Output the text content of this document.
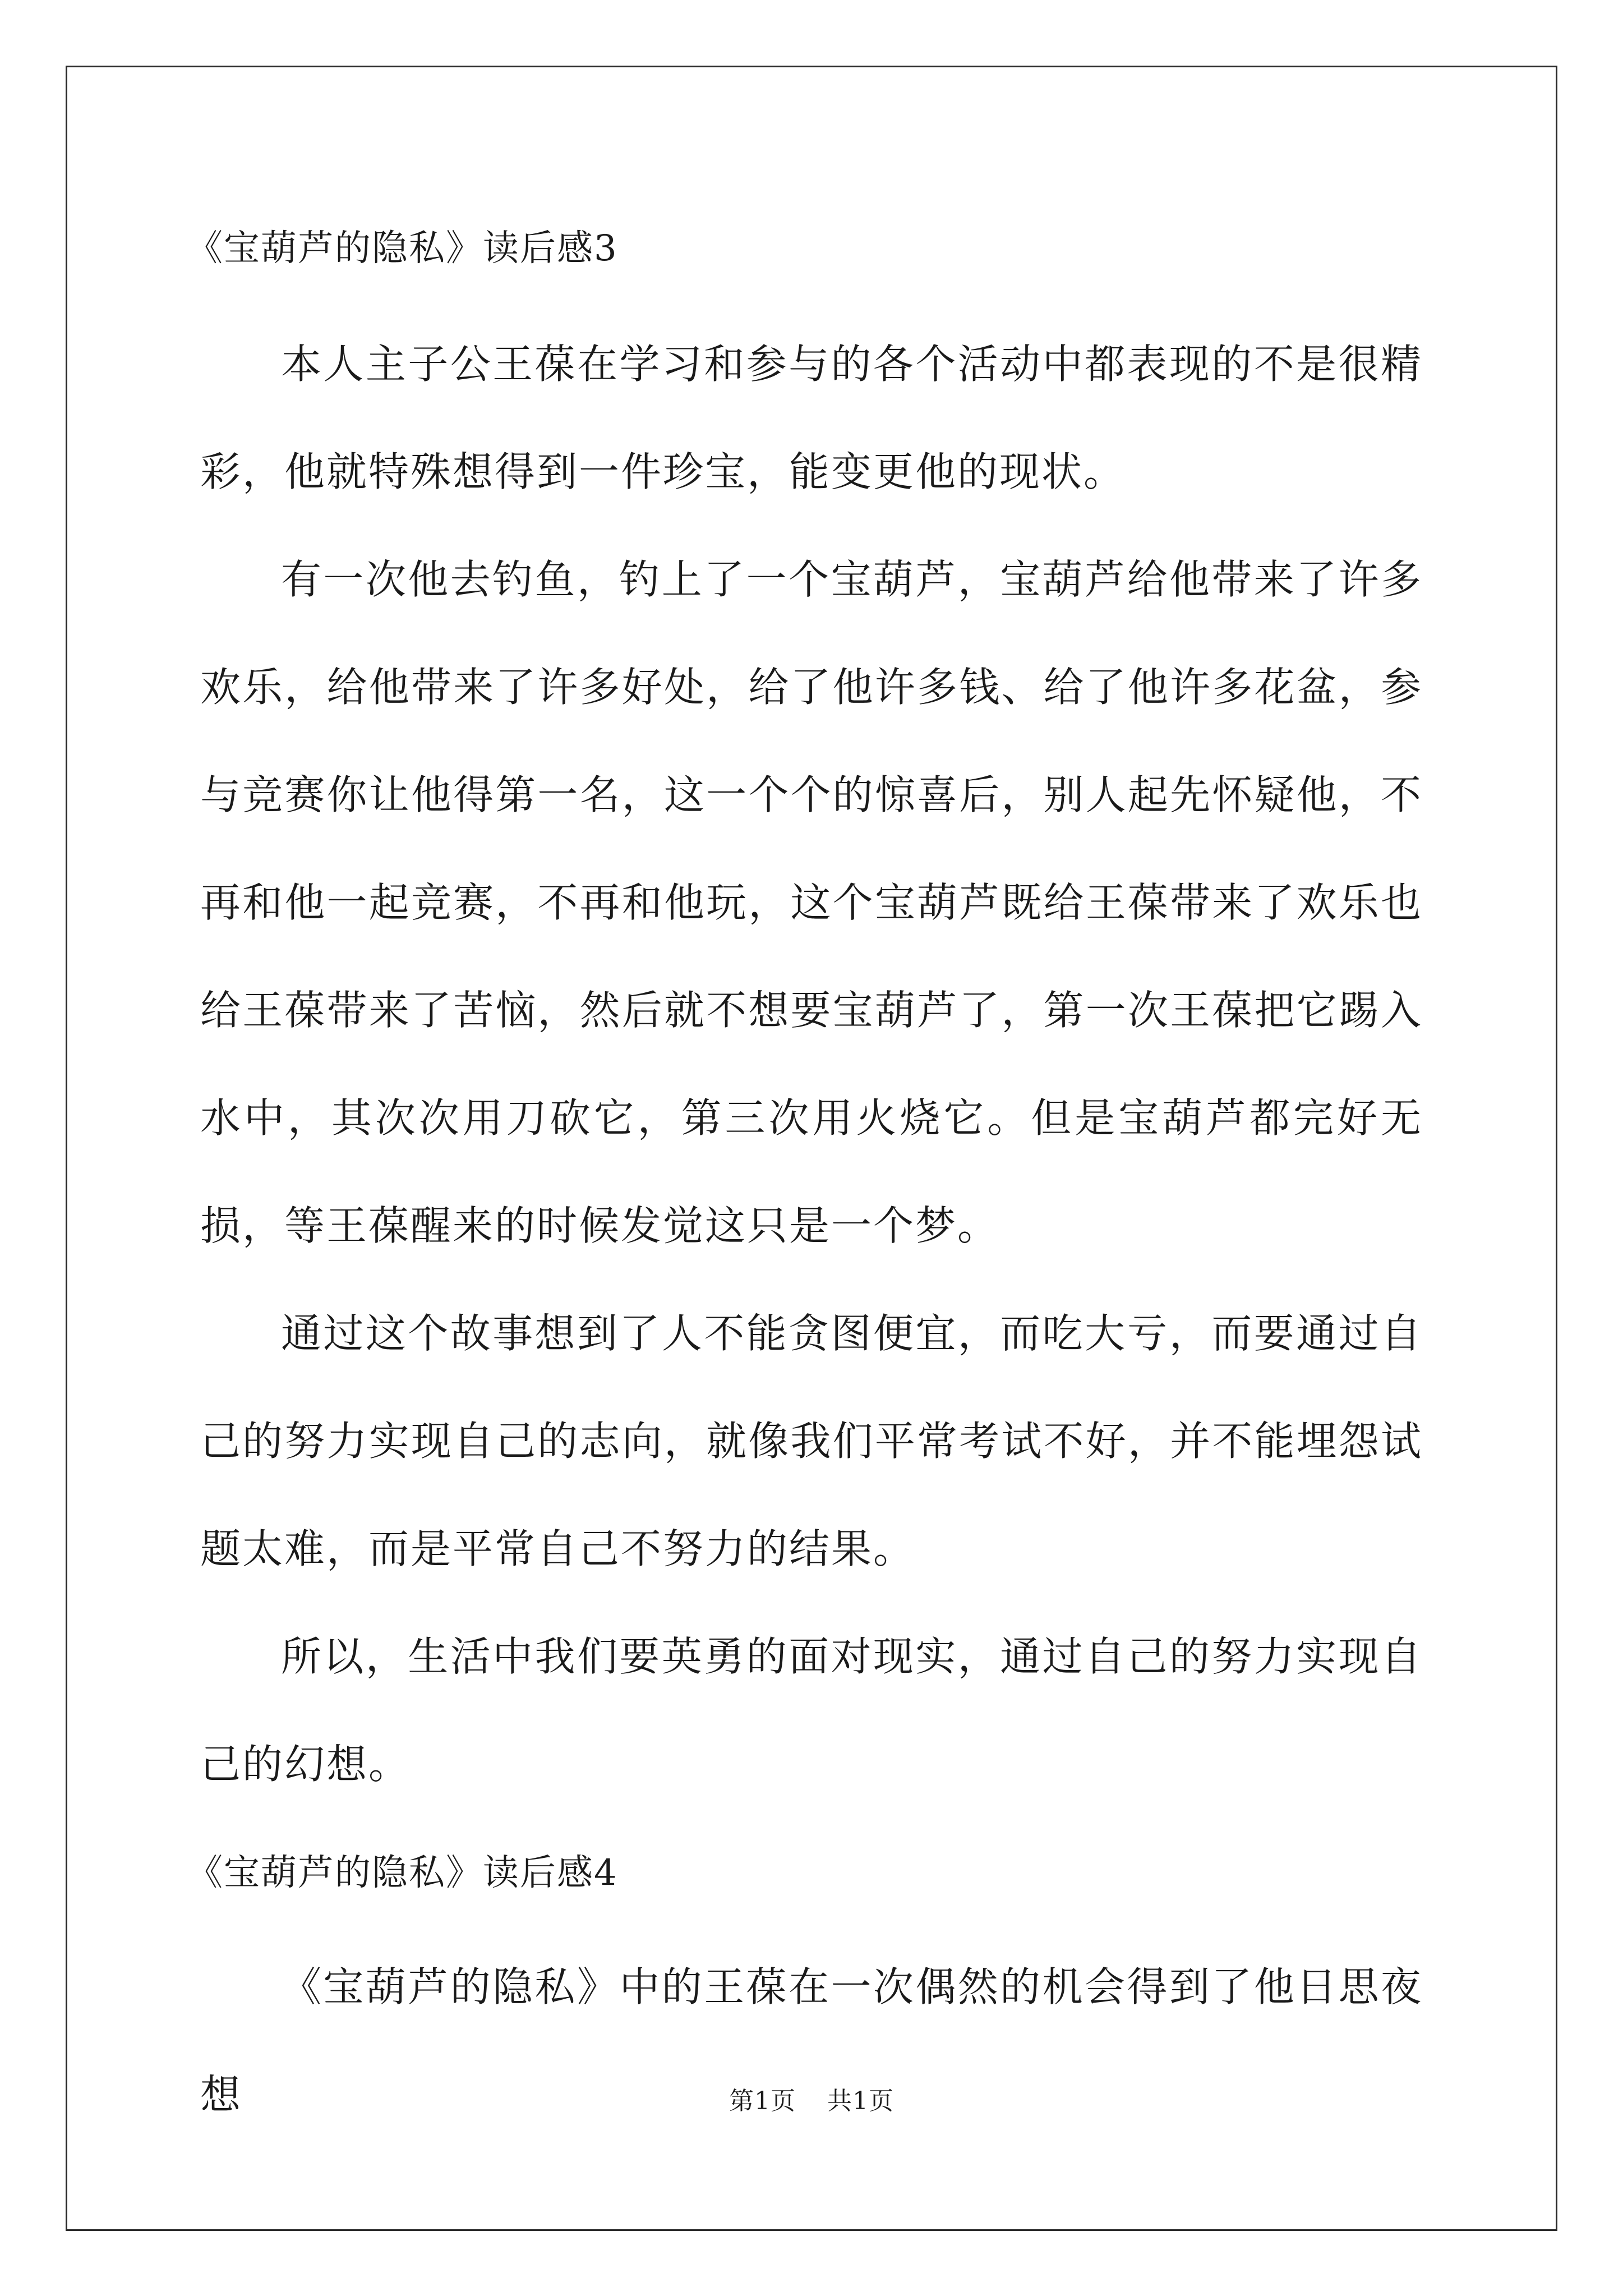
《宝葫芦的隐私》读后感3

本人主子公王葆在学习和参与的各个活动中都表现的不是很精彩，他就特殊想得到一件珍宝，能变更他的现状。

有一次他去钓鱼，钓上了一个宝葫芦，宝葫芦给他带来了许多欢乐，给他带来了许多好处，给了他许多钱、给了他许多花盆，参与竞赛你让他得第一名，这一个个的惊喜后，别人起先怀疑他，不再和他一起竞赛，不再和他玩，这个宝葫芦既给王葆带来了欢乐也给王葆带来了苦恼，然后就不想要宝葫芦了，第一次王葆把它踢入水中，其次次用刀砍它，第三次用火烧它。但是宝葫芦都完好无损，等王葆醒来的时候发觉这只是一个梦。

通过这个故事想到了人不能贪图便宜，而吃大亏，而要通过自己的努力实现自己的志向，就像我们平常考试不好，并不能埋怨试题太难，而是平常自己不努力的结果。

所以，生活中我们要英勇的面对现实，通过自己的努力实现自己的幻想。

《宝葫芦的隐私》读后感4

《宝葫芦的隐私》中的王葆在一次偶然的机会得到了他日思夜想	第1页 共1页
